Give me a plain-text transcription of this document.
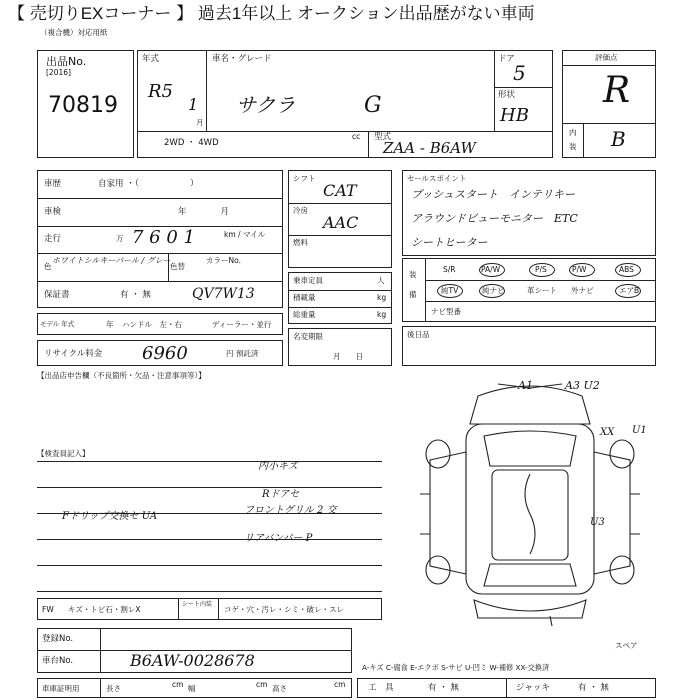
【 売切りEXコーナー 】 過去1年以上 オークション出品歴がない車両
（複合機）対応用紙
出品No.
[2016]
70819
年式
R5
1
月
車名・グレード
サクラ	G
ドア
5
形状
HB
2WD ・ 4WD
cc 型式
ZAA - B6AW
評価点
R
内
装 B
車歴	自家用 ・（　　　　　　）
車検	年　　　　月
走行	万 7 6 0 1	km / マイル
色
ホワイトシルキーパール / グレー
色替
カラーNo.
保証書	有 ・ 無	QV7W13
モデル 年式	年 ハンドル　左・右	ディーラー・並行
リサイクル料金 6960	円 預託済
シフト
CAT
冷房
AAC
燃料
乗車定員	人
積載量	kg
総重量	kg
名変期限
月　　日
セールスポイント
プッシュスタート　インテリキー
アラウンドビューモニター　ETC
シートヒーター
装
備
S/R	PA/W	P/S	P/W	ABS
純TV	純ナビ	革シート 外ナビ	エアB
ナビ型番
後日品
【出品店申告欄（不良箇所・欠品・注意事項等）】
【検査員記入】
内小キズ
Fドリップ交換セ UA
Rドアセ
フロントグリル 2 交
リアバンパー P
A1	A3 U2
XX U1
U3
スペア
FW キズ・トビ石・割レX
シート内装
コゲ・穴・汚レ・シミ・破レ・スレ
登録No.
車台No.	B6AW-0028678
車庫証明用	長さ	cm 幅	cm 高さ	cm
A-キズ C-腐食 E-エクボ S-サビ U-凹ミ W-補修 XX-交換済
工　具	有 ・ 無	ジャッキ	有 ・ 無
